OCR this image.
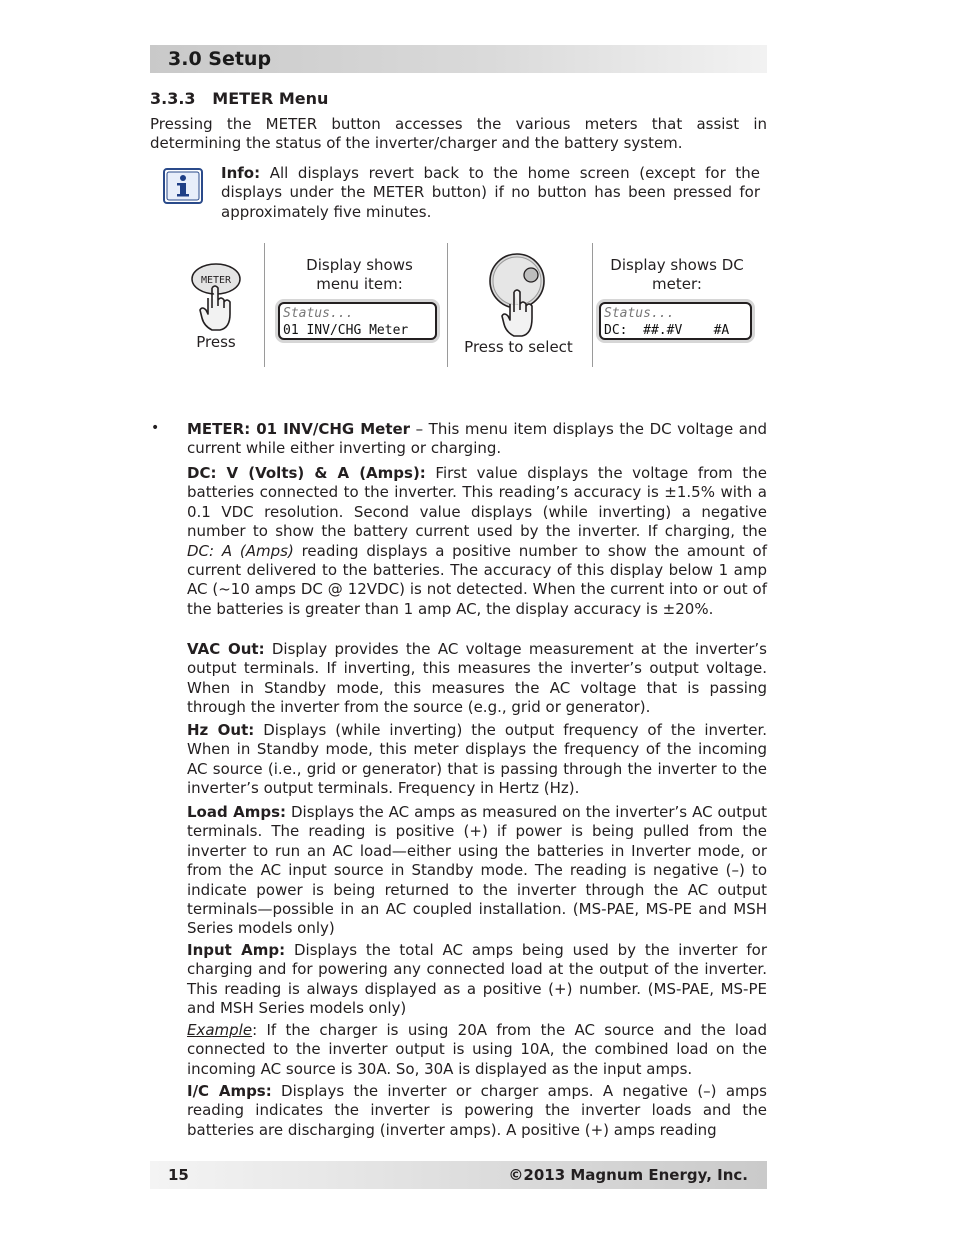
3.0 Setup
3.3.3 METER Menu

Pressing the METER button accesses the various meters that assist in determining the status of the inverter/charger and the battery system.

Info: All displays revert back to the home screen (except for the displays under the METER button) if no button has been pressed for approximately five minutes.

METER
Press
Display shows menu item:
Status...
01 INV/CHG Meter
Press to select
Display shows DC meter:
Status...
DC:  ##.#V    #A
• METER: 01 INV/CHG Meter – This menu item displays the DC voltage and current while either inverting or charging.

DC: V (Volts) & A (Amps): First value displays the voltage from the batteries connected to the inverter. This reading’s accuracy is ±1.5% with a 0.1 VDC resolution. Second value displays (while inverting) a negative number to show the battery current used by the inverter. If charging, the DC: A (Amps) reading displays a positive number to show the amount of current delivered to the batteries. The accuracy of this display below 1 amp AC (~10 amps DC @ 12VDC) is not detected. When the current into or out of the batteries is greater than 1 amp AC, the display accuracy is ±20%.

VAC Out: Display provides the AC voltage measurement at the inverter’s output terminals. If inverting, this measures the inverter’s output voltage. When in Standby mode, this measures the AC voltage that is passing through the inverter from the source (e.g., grid or generator).

Hz Out: Displays (while inverting) the output frequency of the inverter. When in Standby mode, this meter displays the frequency of the incoming AC source (i.e., grid or generator) that is passing through the inverter to the inverter’s output terminals. Frequency in Hertz (Hz).

Load Amps: Displays the AC amps as measured on the inverter’s AC output terminals. The reading is positive (+) if power is being pulled from the inverter to run an AC load—either using the batteries in Inverter mode, or from the AC input source in Standby mode. The reading is negative (–) to indicate power is being returned to the inverter through the AC output terminals—possible in an AC coupled installation. (MS-PAE, MS-PE and MSH Series models only)

Input Amp: Displays the total AC amps being used by the inverter for charging and for powering any connected load at the output of the inverter. This reading is always displayed as a positive (+) number. (MS-PAE, MS-PE and MSH Series models only)

Example: If the charger is using 20A from the AC source and the load connected to the inverter output is using 10A, the combined load on the incoming AC source is 30A. So, 30A is displayed as the input amps.

I/C Amps: Displays the inverter or charger amps. A negative (–) amps reading indicates the inverter is powering the inverter loads and the batteries are discharging (inverter amps). A positive (+) amps reading

15	©2013 Magnum Energy, Inc.
